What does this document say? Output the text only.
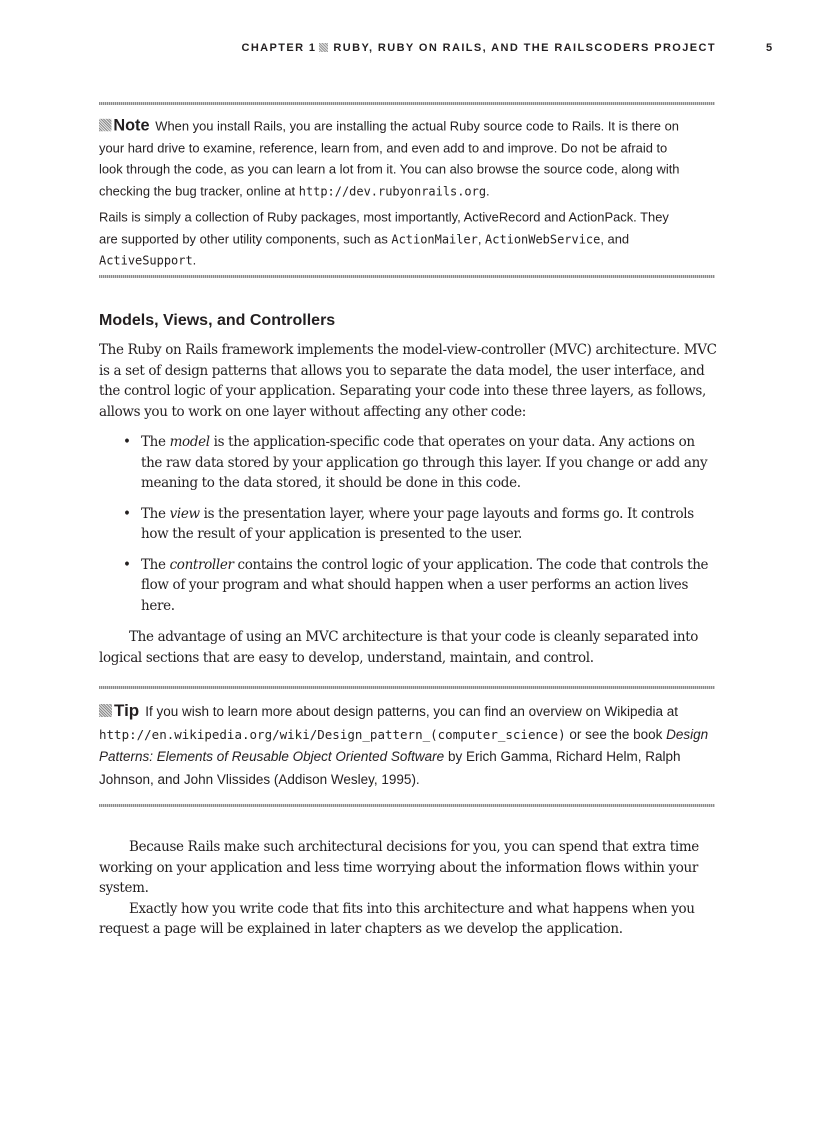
CHAPTER 1 RUBY, RUBY ON RAILS, AND THE RAILSCODERS PROJECT	5

Note When you install Rails, you are installing the actual Ruby source code to Rails. It is there on your hard drive to examine, reference, learn from, and even add to and improve. Do not be afraid to look through the code, as you can learn a lot from it. You can also browse the source code, along with checking the bug tracker, online at http://dev.rubyonrails.org.

Rails is simply a collection of Ruby packages, most importantly, ActiveRecord and ActionPack. They are supported by other utility components, such as ActionMailer, ActionWebService, and ActiveSupport.

Models, Views, and Controllers

The Ruby on Rails framework implements the model-view-controller (MVC) architecture. MVC is a set of design patterns that allows you to separate the data model, the user interface, and the control logic of your application. Separating your code into these three layers, as follows, allows you to work on one layer without affecting any other code:

• The model is the application-specific code that operates on your data. Any actions on the raw data stored by your application go through this layer. If you change or add any meaning to the data stored, it should be done in this code.

• The view is the presentation layer, where your page layouts and forms go. It controls how the result of your application is presented to the user.

• The controller contains the control logic of your application. The code that controls the flow of your program and what should happen when a user performs an action lives here.

The advantage of using an MVC architecture is that your code is cleanly separated into logical sections that are easy to develop, understand, maintain, and control.

Tip If you wish to learn more about design patterns, you can find an overview on Wikipedia at http://en.wikipedia.org/wiki/Design_pattern_(computer_science) or see the book Design Patterns: Elements of Reusable Object Oriented Software by Erich Gamma, Richard Helm, Ralph Johnson, and John Vlissides (Addison Wesley, 1995).

Because Rails make such architectural decisions for you, you can spend that extra time working on your application and less time worrying about the information flows within your system.

Exactly how you write code that fits into this architecture and what happens when you request a page will be explained in later chapters as we develop the application.
